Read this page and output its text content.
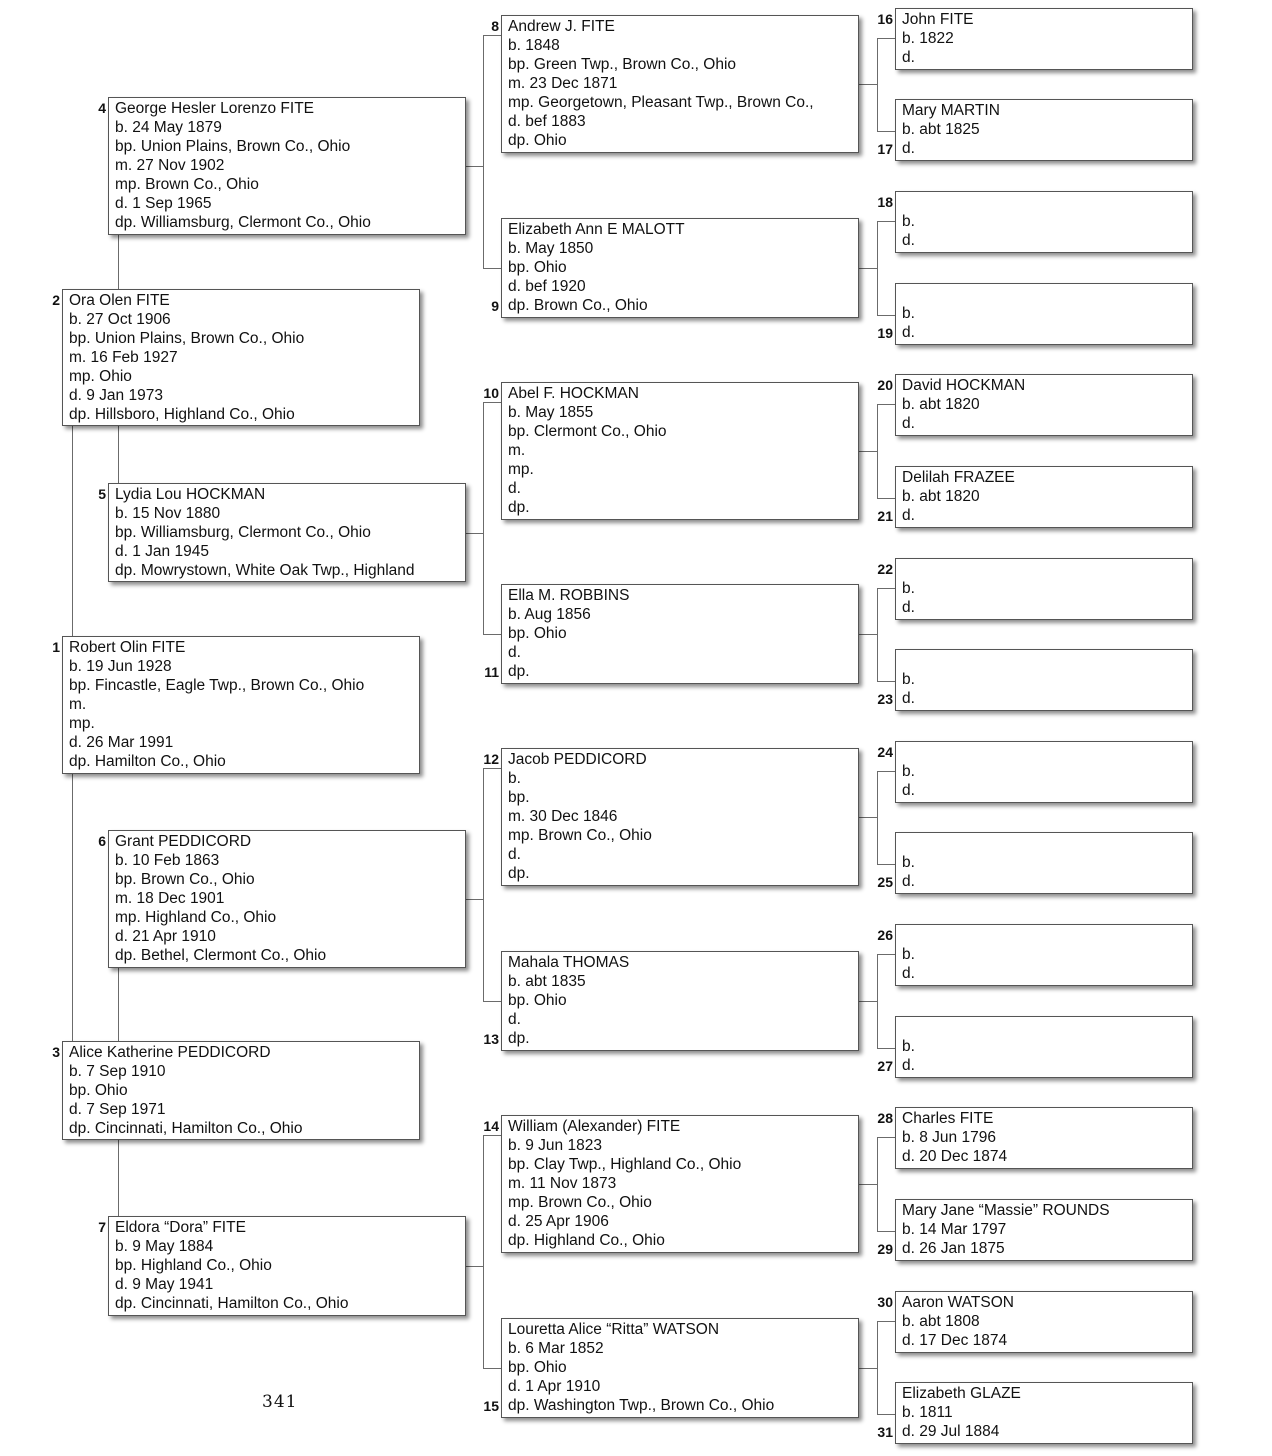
Robert Olin FITE
b. 19 Jun 1928
bp. Fincastle, Eagle Twp., Brown Co., Ohio
m.
mp.
d. 26 Mar 1991
dp. Hamilton Co., Ohio
1
Ora Olen FITE
b. 27 Oct 1906
bp. Union Plains, Brown Co., Ohio
m. 16 Feb 1927
mp. Ohio
d. 9 Jan 1973
dp. Hillsboro, Highland Co., Ohio
2
Alice Katherine PEDDICORD
b. 7 Sep 1910
bp. Ohio
d. 7 Sep 1971
dp. Cincinnati, Hamilton Co., Ohio
3
George Hesler Lorenzo FITE
b. 24 May 1879
bp. Union Plains, Brown Co., Ohio
m. 27 Nov 1902
mp. Brown Co., Ohio
d. 1 Sep 1965
dp. Williamsburg, Clermont Co., Ohio
4
Lydia Lou HOCKMAN
b. 15 Nov 1880
bp. Williamsburg, Clermont Co., Ohio
d. 1 Jan 1945
dp. Mowrystown, White Oak Twp., Highland
5
Grant PEDDICORD
b. 10 Feb 1863
bp. Brown Co., Ohio
m. 18 Dec 1901
mp. Highland Co., Ohio
d. 21 Apr 1910
dp. Bethel, Clermont Co., Ohio
6
Eldora “Dora” FITE
b. 9 May 1884
bp. Highland Co., Ohio
d. 9 May 1941
dp. Cincinnati, Hamilton Co., Ohio
7
Andrew J. FITE
b. 1848
bp. Green Twp., Brown Co., Ohio
m. 23 Dec 1871
mp. Georgetown, Pleasant Twp., Brown Co.,
d. bef 1883
dp. Ohio
8
Elizabeth Ann E MALOTT
b. May 1850
bp. Ohio
d. bef 1920
dp. Brown Co., Ohio
9
Abel F. HOCKMAN
b. May 1855
bp. Clermont Co., Ohio
m.
mp.
d.
dp.
10
Ella M. ROBBINS
b. Aug 1856
bp. Ohio
d.
dp.
11
Jacob PEDDICORD
b.
bp.
m. 30 Dec 1846
mp. Brown Co., Ohio
d.
dp.
12
Mahala THOMAS
b. abt 1835
bp. Ohio
d.
dp.
13
William (Alexander) FITE
b. 9 Jun 1823
bp. Clay Twp., Highland Co., Ohio
m. 11 Nov 1873
mp. Brown Co., Ohio
d. 25 Apr 1906
dp. Highland Co., Ohio
14
Louretta Alice “Ritta” WATSON
b. 6 Mar 1852
bp. Ohio
d. 1 Apr 1910
dp. Washington Twp., Brown Co., Ohio
15
John FITE
b. 1822
d.
16
Mary MARTIN
b. abt 1825
d.
17

b.
d.
18

b.
d.
19
David HOCKMAN
b. abt 1820
d.
20
Delilah FRAZEE
b. abt 1820
d.
21

b.
d.
22

b.
d.
23

b.
d.
24

b.
d.
25

b.
d.
26

b.
d.
27
Charles FITE
b. 8 Jun 1796
d. 20 Dec 1874
28
Mary Jane “Massie” ROUNDS
b. 14 Mar 1797
d. 26 Jan 1875
29
Aaron WATSON
b. abt 1808
d. 17 Dec 1874
30
Elizabeth GLAZE
b. 1811
d. 29 Jul 1884
31
341
